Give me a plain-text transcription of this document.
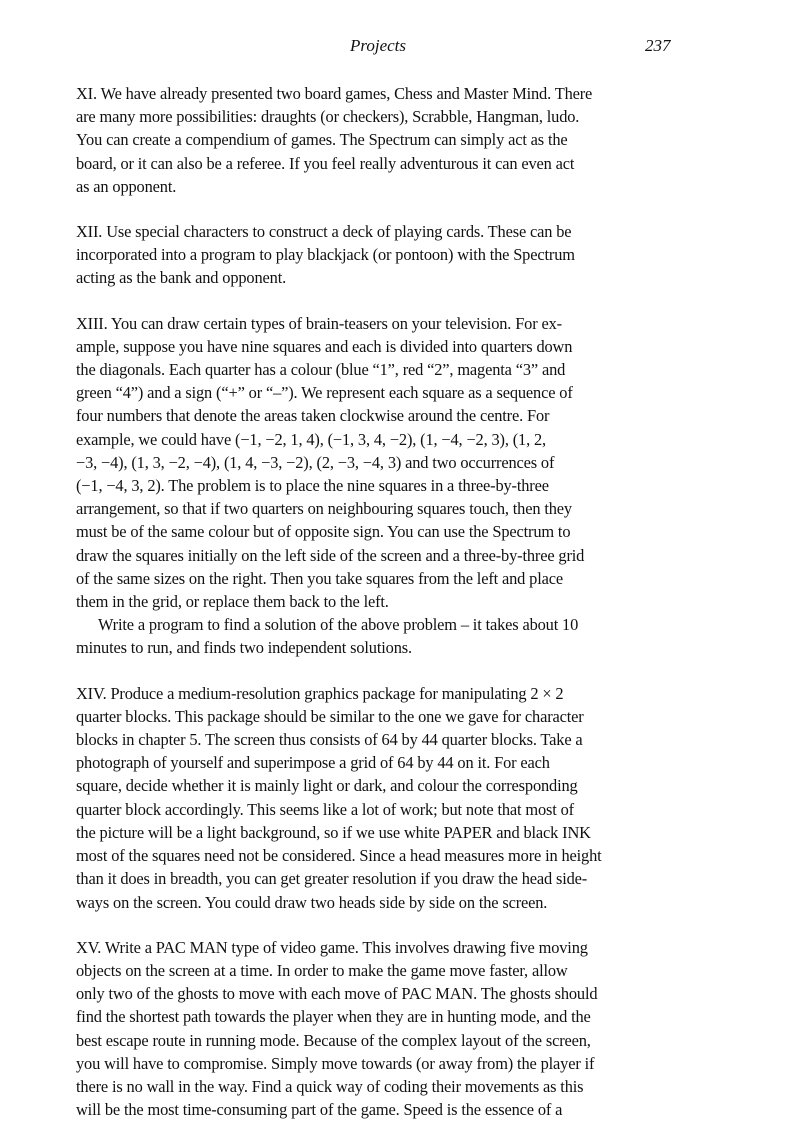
Projects	237

XI. We have already presented two board games, Chess and Master Mind. There
are many more possibilities: draughts (or checkers), Scrabble, Hangman, ludo.
You can create a compendium of games. The Spectrum can simply act as the
board, or it can also be a referee. If you feel really adventurous it can even act
as an opponent.

XII. Use special characters to construct a deck of playing cards. These can be
incorporated into a program to play blackjack (or pontoon) with the Spectrum
acting as the bank and opponent.

XIII. You can draw certain types of brain-teasers on your television. For ex-
ample, suppose you have nine squares and each is divided into quarters down
the diagonals. Each quarter has a colour (blue “1”, red “2”, magenta “3” and
green “4”) and a sign (“+” or “–”). We represent each square as a sequence of
four numbers that denote the areas taken clockwise around the centre. For
example, we could have (−1, −2, 1, 4), (−1, 3, 4, −2), (1, −4, −2, 3), (1, 2,
−3, −4), (1, 3, −2, −4), (1, 4, −3, −2), (2, −3, −4, 3) and two occurrences of
(−1, −4, 3, 2). The problem is to place the nine squares in a three-by-three
arrangement, so that if two quarters on neighbouring squares touch, then they
must be of the same colour but of opposite sign. You can use the Spectrum to
draw the squares initially on the left side of the screen and a three-by-three grid
of the same sizes on the right. Then you take squares from the left and place
them in the grid, or replace them back to the left.
Write a program to find a solution of the above problem – it takes about 10
minutes to run, and finds two independent solutions.

XIV. Produce a medium-resolution graphics package for manipulating 2 × 2
quarter blocks. This package should be similar to the one we gave for character
blocks in chapter 5. The screen thus consists of 64 by 44 quarter blocks. Take a
photograph of yourself and superimpose a grid of 64 by 44 on it. For each
square, decide whether it is mainly light or dark, and colour the corresponding
quarter block accordingly. This seems like a lot of work; but note that most of
the picture will be a light background, so if we use white PAPER and black INK
most of the squares need not be considered. Since a head measures more in height
than it does in breadth, you can get greater resolution if you draw the head side-
ways on the screen. You could draw two heads side by side on the screen.

XV. Write a PAC MAN type of video game. This involves drawing five moving
objects on the screen at a time. In order to make the game move faster, allow
only two of the ghosts to move with each move of PAC MAN. The ghosts should
find the shortest path towards the player when they are in hunting mode, and the
best escape route in running mode. Because of the complex layout of the screen,
you will have to compromise. Simply move towards (or away from) the player if
there is no wall in the way. Find a quick way of coding their movements as this
will be the most time-consuming part of the game. Speed is the essence of a
